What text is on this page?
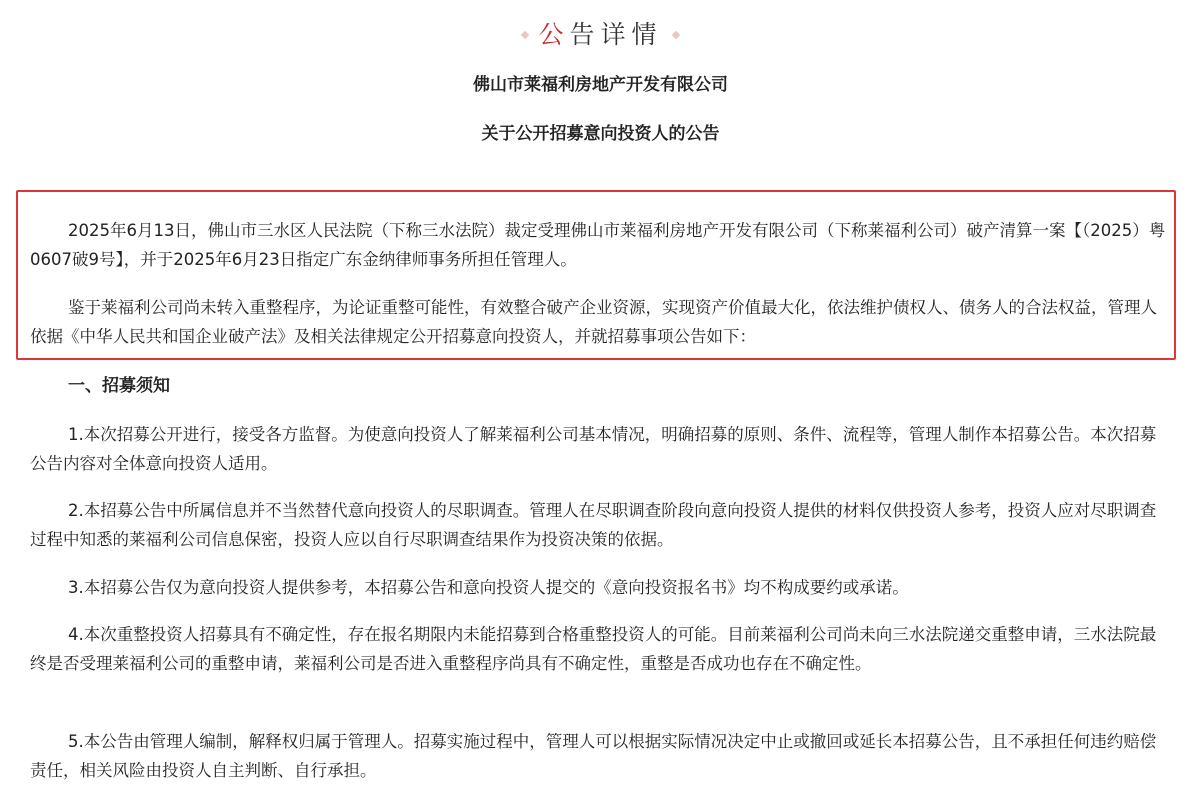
公告详情
佛山市莱福利房地产开发有限公司
关于公开招募意向投资人的公告

2025年6月13日，佛山市三水区人民法院（下称三水法院）裁定受理佛山市莱福利房地产开发有限公司（下称莱福利公司）破产清算一案【（2025）粤0607破9号】，并于2025年6月23日指定广东金纳律师事务所担任管理人。

鉴于莱福利公司尚未转入重整程序，为论证重整可能性，有效整合破产企业资源，实现资产价值最大化，依法维护债权人、债务人的合法权益，管理人依据《中华人民共和国企业破产法》及相关法律规定公开招募意向投资人，并就招募事项公告如下：

一、招募须知

1.本次招募公开进行，接受各方监督。为使意向投资人了解莱福利公司基本情况，明确招募的原则、条件、流程等，管理人制作本招募公告。本次招募公告内容对全体意向投资人适用。

2.本招募公告中所属信息并不当然替代意向投资人的尽职调查。管理人在尽职调查阶段向意向投资人提供的材料仅供投资人参考，投资人应对尽职调查过程中知悉的莱福利公司信息保密，投资人应以自行尽职调查结果作为投资决策的依据。

3.本招募公告仅为意向投资人提供参考，本招募公告和意向投资人提交的《意向投资报名书》均不构成要约或承诺。

4.本次重整投资人招募具有不确定性，存在报名期限内未能招募到合格重整投资人的可能。目前莱福利公司尚未向三水法院递交重整申请，三水法院最终是否受理莱福利公司的重整申请，莱福利公司是否进入重整程序尚具有不确定性，重整是否成功也存在不确定性。

5.本公告由管理人编制，解释权归属于管理人。招募实施过程中，管理人可以根据实际情况决定中止或撤回或延长本招募公告，且不承担任何违约赔偿责任，相关风险由投资人自主判断、自行承担。
